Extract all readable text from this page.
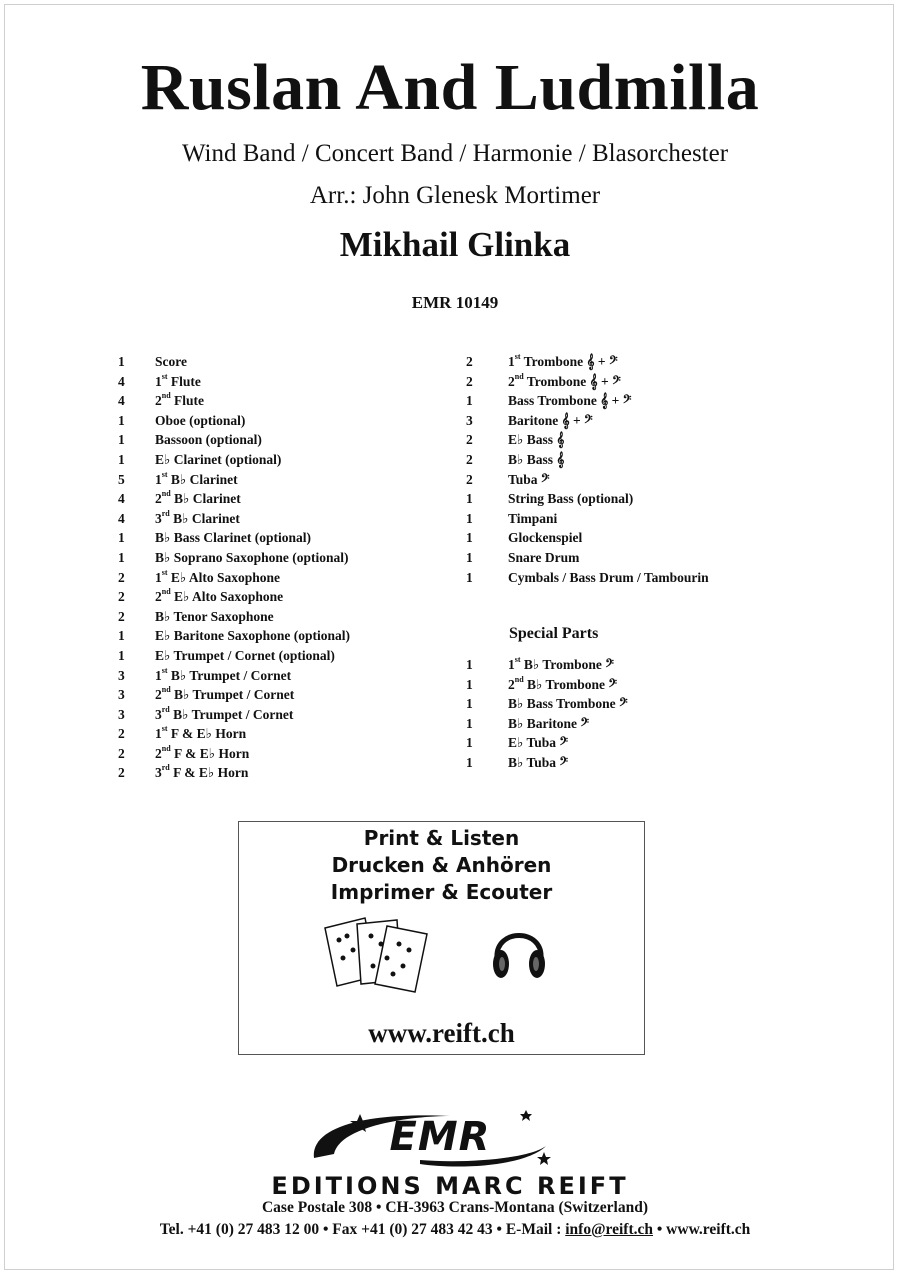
Ruslan And Ludmilla
Wind Band / Concert Band / Harmonie / Blasorchester
Arr.: John Glenesk Mortimer
Mikhail Glinka
EMR 10149
1 Score
4 1st Flute
4 2nd Flute
1 Oboe (optional)
1 Bassoon (optional)
1 E♭ Clarinet (optional)
5 1st B♭ Clarinet
4 2nd B♭ Clarinet
4 3rd B♭ Clarinet
1 B♭ Bass Clarinet (optional)
1 B♭ Soprano Saxophone (optional)
2 1st E♭ Alto Saxophone
2 2nd E♭ Alto Saxophone
2 B♭ Tenor Saxophone
1 E♭ Baritone Saxophone (optional)
1 E♭ Trumpet / Cornet (optional)
3 1st B♭ Trumpet / Cornet
3 2nd B♭ Trumpet / Cornet
3 3rd B♭ Trumpet / Cornet
2 1st F & E♭ Horn
2 2nd F & E♭ Horn
2 3rd F & E♭ Horn
2	1st Trombone 𝄞 + 𝄢
2	2nd Trombone 𝄞 + 𝄢
1	Bass Trombone 𝄞 + 𝄢
3	Baritone 𝄞 + 𝄢
2	E♭ Bass 𝄞
2	B♭ Bass 𝄞
2	Tuba 𝄢
1	String Bass (optional)
1	Timpani
1	Glockenspiel
1	Snare Drum
1	Cymbals / Bass Drum / Tambourin
Special Parts
1	1st B♭ Trombone 𝄢
1	2nd B♭ Trombone 𝄢
1	B♭ Bass Trombone 𝄢
1	B♭ Baritone 𝄢
1	E♭ Tuba 𝄢
1	B♭ Tuba 𝄢
Print & Listen
Drucken & Anhören
Imprimer & Ecouter
www.reift.ch
EMR
EDITIONS MARC REIFT
Case Postale 308 • CH-3963 Crans-Montana (Switzerland)
Tel. +41 (0) 27 483 12 00 • Fax +41 (0) 27 483 42 43 • E-Mail : info@reift.ch • www.reift.ch
